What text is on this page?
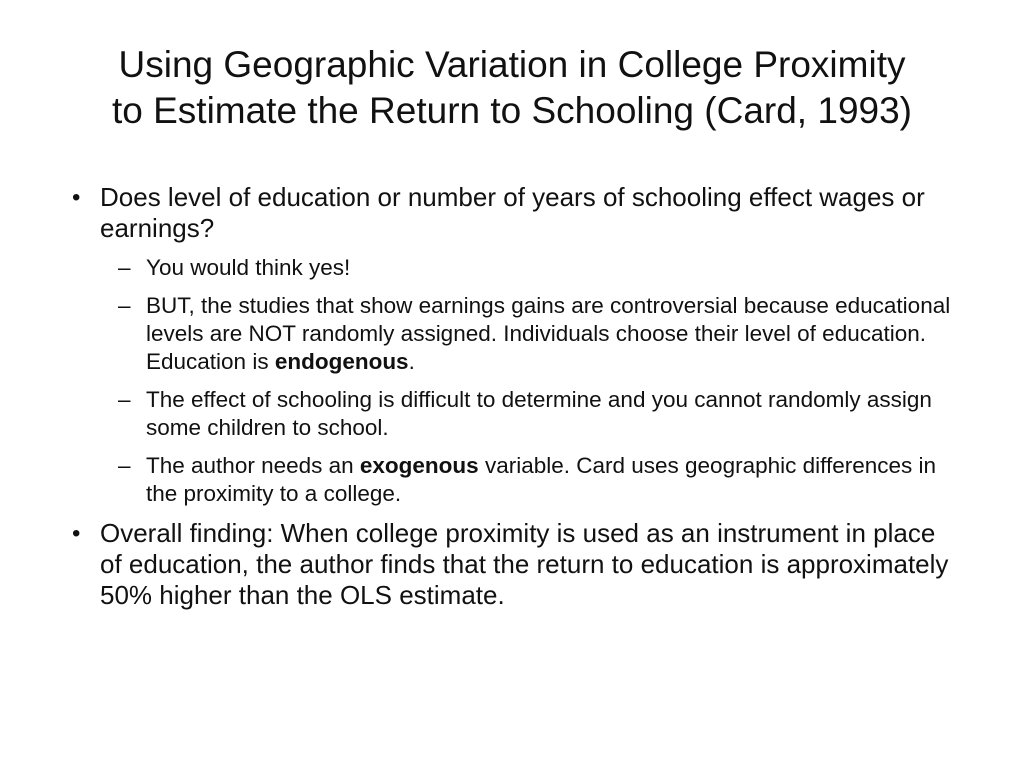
Using Geographic Variation in College Proximity
to Estimate the Return to Schooling (Card, 1993)
• Does level of education or number of years of schooling effect wages or earnings?
– You would think yes!
– BUT, the studies that show earnings gains are controversial because educational levels are NOT randomly assigned. Individuals choose their level of education. Education is endogenous.
– The effect of schooling is difficult to determine and you cannot randomly assign some children to school.
– The author needs an exogenous variable. Card uses geographic differences in the proximity to a college.
• Overall finding: When college proximity is used as an instrument in place of education, the author finds that the return to education is approximately 50% higher than the OLS estimate.
